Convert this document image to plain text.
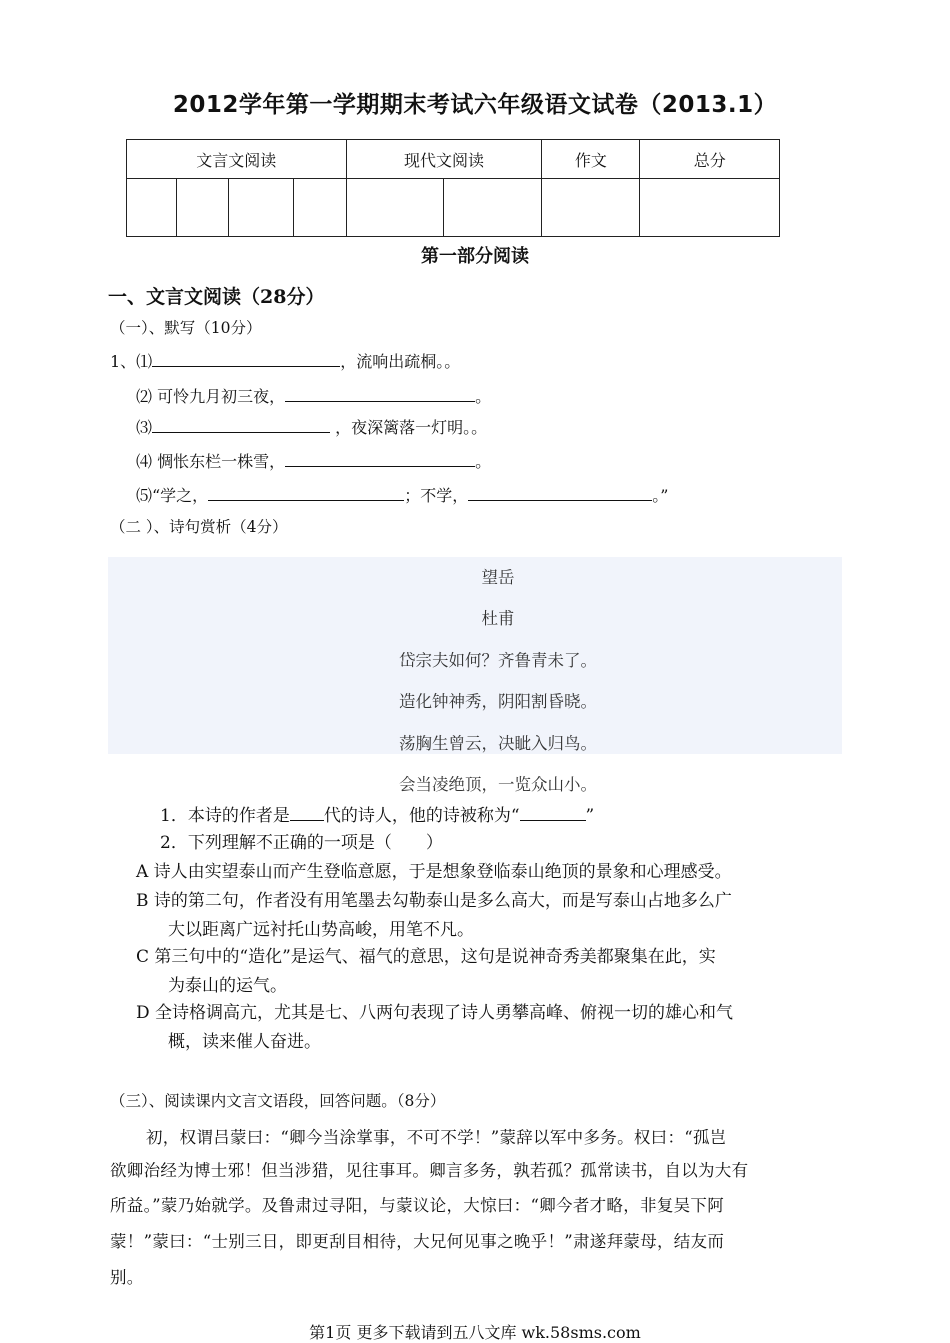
2012学年第一学期期末考试六年级语文试卷（2013.1）
文言文阅读				现代文阅读		作文	总分

第一部分阅读
一、文言文阅读（28分）
（一）、默写（10分）
1、⑴	，流响出疏桐。。
⑵ 可怜九月初三夜，	。
⑶	，夜深篱落一灯明。。
⑷ 惆怅东栏一株雪，	。
⑸“学之，	；不学，	。”
（二 ）、诗句赏析（4分）
望岳
杜甫
岱宗夫如何？齐鲁青未了。
造化钟神秀，阴阳割昏晓。
荡胸生曾云，决眦入归鸟。
会当凌绝顶，一览众山小。
1．本诗的作者是 代的诗人，他的诗被称为“	”
2．下列理解不正确的一项是（　　）
A 诗人由实望泰山而产生登临意愿，于是想象登临泰山绝顶的景象和心理感受。
B 诗的第二句，作者没有用笔墨去勾勒泰山是多么高大，而是写泰山占地多么广
大以距离广远衬托山势高峻，用笔不凡。
C 第三句中的“造化”是运气、福气的意思，这句是说神奇秀美都聚集在此，实
为泰山的运气。
D 全诗格调高亢，尤其是七、八两句表现了诗人勇攀高峰、俯视一切的雄心和气
概，读来催人奋进。
（三）、阅读课内文言文语段，回答问题。（8分）
初，权谓吕蒙曰：“卿今当涂掌事，不可不学！”蒙辞以军中多务。权曰：“孤岂
欲卿治经为博士邪！但当涉猎，见往事耳。卿言多务，孰若孤？孤常读书，自以为大有
所益。”蒙乃始就学。及鲁肃过寻阳，与蒙议论，大惊曰：“卿今者才略，非复吴下阿
蒙！”蒙曰：“士别三日，即更刮目相待，大兄何见事之晚乎！”肃遂拜蒙母，结友而
别。
第1页 更多下载请到五八文库 wk.58sms.com
